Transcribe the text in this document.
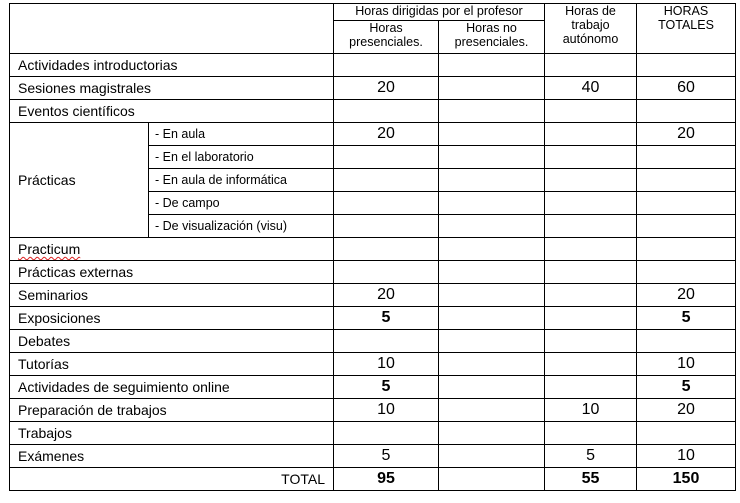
		Horas dirigidas por el profesor		Horas de trabajo autónomo	HORAS TOTALES
		Horas presenciales.	Horas no presenciales.		
Actividades introductorias					
Sesiones magistrales		20		40	60
Eventos científicos					
Prácticas	- En aula	20			20
	- En el laboratorio				
	- En aula de informática				
	- De campo				
	- De visualización (visu)				
Practicum					
Prácticas externas					
Seminarios		20			20
Exposiciones		5			5
Debates					
Tutorías		10			10
Actividades de seguimiento online		5			5
Preparación de trabajos		10		10	20
Trabajos					
Exámenes		5		5	10
TOTAL		95		55	150
